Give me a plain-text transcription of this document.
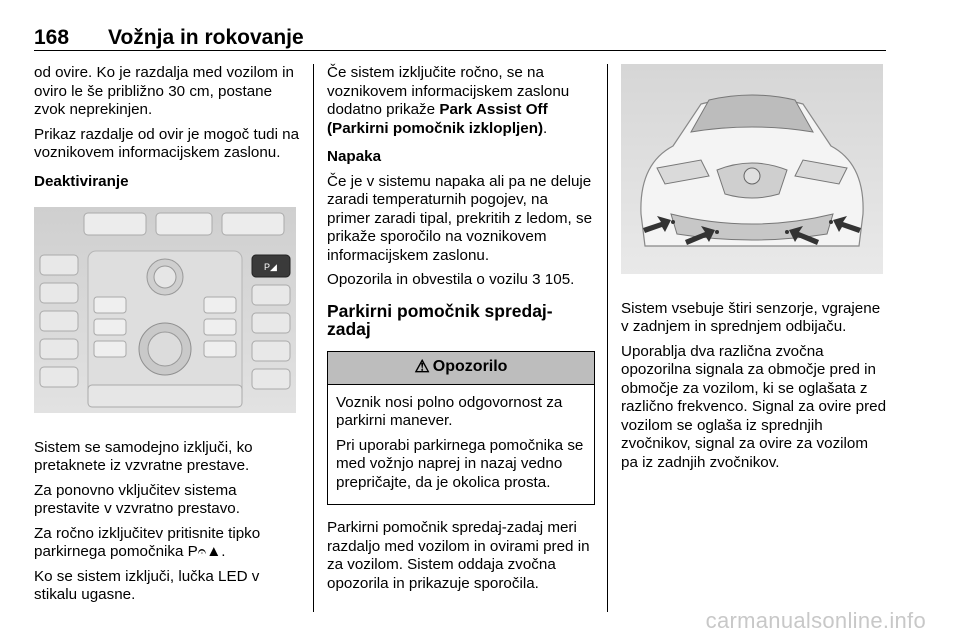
168 Vožnja in rokovanje

od ovire. Ko je razdalja med vozilom in oviro le še približno 30 cm, postane zvok neprekinjen.

Prikaz razdalje od ovir je mogoč tudi na voznikovem informacijskem zaslonu.

Deaktiviranje

P◢

Sistem se samodejno izključi, ko pretaknete iz vzvratne prestave.

Za ponovno vključitev sistema prestavite v vzvratno prestavo.

Za ročno izklјučitev pritisnite tipko parkirnega pomočnika P𝄐▲.

Ko se sistem izključi, lučka LED v stikalu ugasne.

Če sistem izključite ročno, se na voznikovem informacijskem zaslonu dodatno prikaže Park Assist Off (Parkirni pomočnik izklopljen).

Napaka

Če je v sistemu napaka ali pa ne deluje zaradi temperaturnih pogojev, na primer zaradi tipal, prekritih z ledom, se prikaže sporočilo na voznikovem informacijskem zaslonu.

Opozorila in obvestila o vozilu 3 105.

Parkirni pomočnik spredaj-zadaj
⚠ Opozorilo

Voznik nosi polno odgovornost za parkirni manever.

Pri uporabi parkirnega pomočnika se med vožnjo naprej in nazaj vedno prepričajte, da je okolica prosta.

Parkirni pomočnik spredaj-zadaj meri razdaljo med vozilom in ovirami pred in za vozilom. Sistem oddaja zvočna opozorila in prikazuje sporočila.

Sistem vsebuje štiri senzorje, vgrajene v zadnjem in sprednjem odbijaču.

Uporablja dva različna zvočna opozorilna signala za območje pred in območje za vozilom, ki se oglašata z različno frekvenco. Signal za ovire pred vozilom se oglaša iz sprednjih zvočnikov, signal za ovire za vozilom pa iz zadnjih zvočnikov.

carmanualsonline.info
